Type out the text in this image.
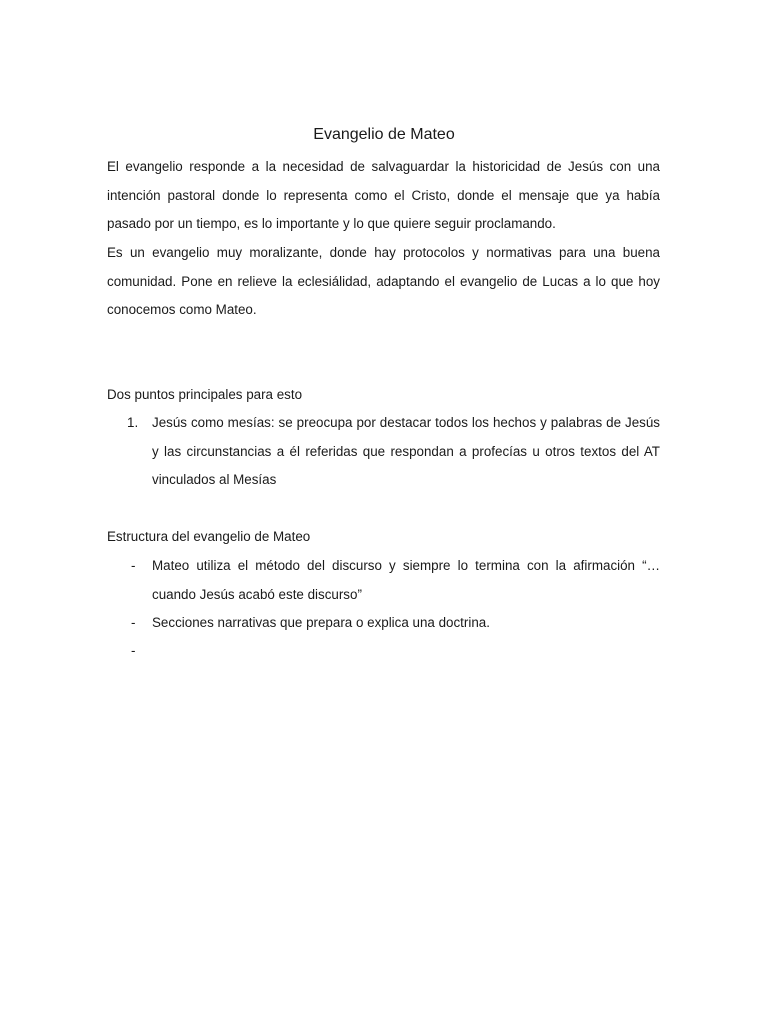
Evangelio de Mateo

El evangelio responde a la necesidad de salvaguardar la historicidad de Jesús con una intención pastoral donde lo representa como el Cristo, donde el mensaje que ya había pasado por un tiempo, es lo importante y lo que quiere seguir proclamando.

Es un evangelio muy moralizante, donde hay protocolos y normativas para una buena comunidad. Pone en relieve la eclesiálidad, adaptando el evangelio de Lucas a lo que hoy conocemos como Mateo.

Dos puntos principales para esto
1. Jesús como mesías: se preocupa por destacar todos los hechos y palabras de Jesús y las circunstancias a él referidas que respondan a profecías u otros textos del AT vinculados al Mesías

Estructura del evangelio de Mateo
- Mateo utiliza el método del discurso y siempre lo termina con la afirmación “… cuando Jesús acabó este discurso”

- Secciones narrativas que prepara o explica una doctrina.

-
